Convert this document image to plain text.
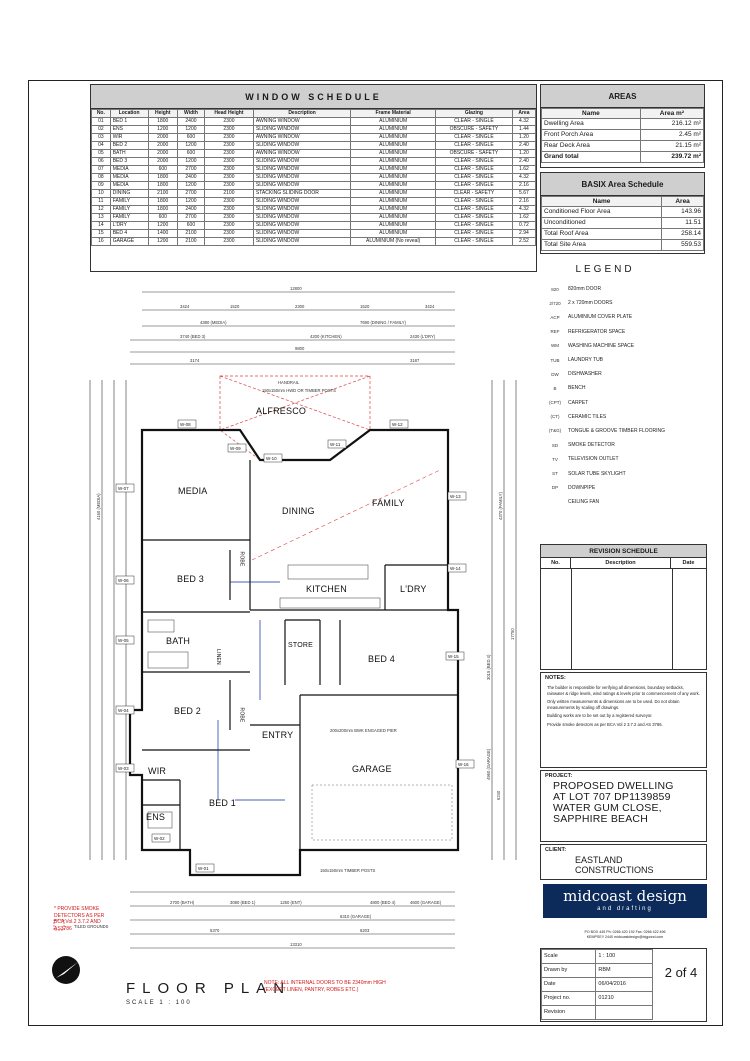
WINDOW SCHEDULE
No.	Location	Height	Width	Head Height	Description	Frame Material	Glazing	Area
01	BED 1	1800	2400	2300	AWNING WINDOW	ALUMINIUM	CLEAR - SINGLE	4.32
02	ENS	1200	1200	2300	SLIDING WINDOW	ALUMINIUM	OBSCURE - SAFETY	1.44
03	WIR	2000	600	2300	AWNING WINDOW	ALUMINIUM	CLEAR - SINGLE	1.20
04	BED 2	2000	1200	2300	SLIDING WINDOW	ALUMINIUM	CLEAR - SINGLE	2.40
05	BATH	2000	600	2300	AWNING WINDOW	ALUMINIUM	OBSCURE - SAFETY	1.20
06	BED 3	2000	1200	2300	SLIDING WINDOW	ALUMINIUM	CLEAR - SINGLE	2.40
07	MEDIA	600	2700	2300	SLIDING WINDOW	ALUMINIUM	CLEAR - SINGLE	1.62
08	MEDIA	1800	2400	2300	SLIDING WINDOW	ALUMINIUM	CLEAR - SINGLE	4.32
09	MEDIA	1800	1200	2300	SLIDING WINDOW	ALUMINIUM	CLEAR - SINGLE	2.16
10	DINING	2100	2700	2100	STACKING SLIDING DOOR	ALUMINIUM	CLEAR - SAFETY	5.67
11	FAMILY	1800	1200	2300	SLIDING WINDOW	ALUMINIUM	CLEAR - SINGLE	2.16
12	FAMILY	1800	2400	2300	SLIDING WINDOW	ALUMINIUM	CLEAR - SINGLE	4.32
13	FAMILY	600	2700	2300	SLIDING WINDOW	ALUMINIUM	CLEAR - SINGLE	1.62
14	L'DRY	1200	600	2300	SLIDING WINDOW	ALUMINIUM	CLEAR - SINGLE	0.72
15	BED 4	1400	2100	2300	SLIDING WINDOW	ALUMINIUM	CLEAR - SINGLE	2.94
16	GARAGE	1200	2100	2300	SLIDING WINDOW	ALUMINIUM (No reveal)	CLEAR - SINGLE	2.52
AREAS
Name	Area m²
Dwelling Area	216.12 m²
Front Porch Area	2.45 m²
Rear Deck Area	21.15 m²
Grand total	239.72 m²
BASIX Area Schedule
Name	Area
Conditioned Floor Area	143.96
Unconditioned	11.51
Total Roof Area	258.14
Total Site Area	559.53
LEGEND
820	820mm DOOR
2/720	2 x 720mm DOORS
ACP	ALUMINIUM COVER PLATE
REF	REFRIGERATOR SPACE
WM	WASHING MACHINE SPACE
TUB	LAUNDRY TUB
DW	DISHWASHER
B	BENCH
(CPT)	CARPET
(CT)	CERAMIC TILES
(T&G)	TONGUE & GROOVE TIMBER FLOORING
SD	SMOKE DETECTOR
TV	TELEVISION OUTLET
ST	SOLAR TUBE SKYLIGHT
DP	DOWNPIPE
CEILING FAN
REVISION SCHEDULE
No.	Description	Date
NOTES:
The builder is responsible for verifying all dimensions, boundary setbacks, rainwater & ridge levels, wind ratings & levels prior to commencement of any work.
Only written measurements & dimensions are to be used. Do not obtain measurements by scaling off drawings.
Building works are to be set out by a registered surveyor.
Provide smoke detectors as per BCA Vol 2 3.7.2 and AS 3786.
PROJECT:
PROPOSED DWELLING
AT LOT 707 DP1139859
WATER GUM CLOSE,
SAPPHIRE BEACH
CLIENT:
EASTLAND
CONSTRUCTIONS
midcoast design
and drafting
PO BOX 445 Ph: 0266 420 192 Fax: 0266 422 496
KEMPSEY 2440 midcoastdesign@bigpond.com
Scale	1 : 100
Drawn by	RBM
Date	06/04/2016
Project no.	01210
Revision	
2 of 4
12800
3424	1520	2300	1520	3424
4380 (MEDIA)	7690 (DINING / FAMILY)
3740 (BED 3)	4200 (KITCHEN)	2430 (L'DRY)
9800
3174	3187
2700 (BATH)	3080 (BED 1)	1250 (ENT)	4800 (BED 4)
5370	6203
6310 (GARAGE)
13310
4600 (GARAGE)
17750
6240
4160 (MEDIA)	4370 (FAMILY)
3015 (BED 4)
4960 (GARAGE)
W-01
W-02
W-03
W-04
W-05
W-06
W-07
W-08
W-09
W-10
W-11
W-12
W-13
W-14
W-15
W-16
200x200mm BWK ENGAGED PIER
150x150mm HWD OR TIMBER POSTS
150x150mm TIMBER POSTS
HANDRAIL
TILED GROUNDS
ALFRESCO
MEDIA
DINING
FAMILY
BED 3
KITCHEN	L'DRY
BATH	STORE
BED 4
BED 2
ENTRY
GARAGE
WIR
BED 1
ENS
ROBE
LINEN
ROBE
FLOOR PLAN
SCALE 1 : 100
NOTE: ALL INTERNAL DOORS TO BE 2340mm HIGH (EXCEPT LINEN, PANTRY, ROBES ETC.)
* PROVIDE SMOKE DETECTORS AS PER BCA Vol.2 3.7.2 AND AS3786
